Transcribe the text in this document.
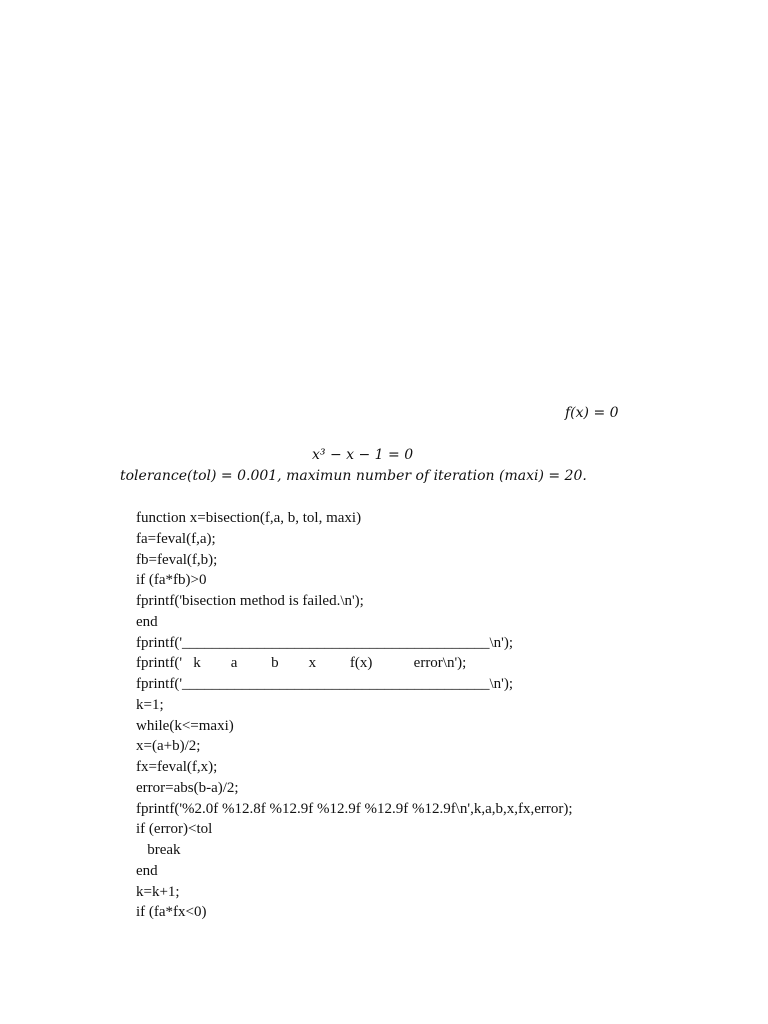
f(x) = 0
x³ − x − 1 = 0
tolerance(tol) = 0.001, maximun number of iteration (maxi) = 20.
function x=bisection(f,a, b, tol, maxi)
fa=feval(f,a);
fb=feval(f,b);
if (fa*fb)>0
fprintf('bisection method is failed.\n');
end
fprintf('_________________________________________\n');
fprintf('   k        a         b        x         f(x)           error\n');
fprintf('_________________________________________\n');
k=1;
while(k<=maxi)
x=(a+b)/2;
fx=feval(f,x);
error=abs(b-a)/2;
fprintf('%2.0f %12.8f %12.9f %12.9f %12.9f %12.9f\n',k,a,b,x,fx,error);
if (error)<tol
break
end
k=k+1;
if (fa*fx<0)
